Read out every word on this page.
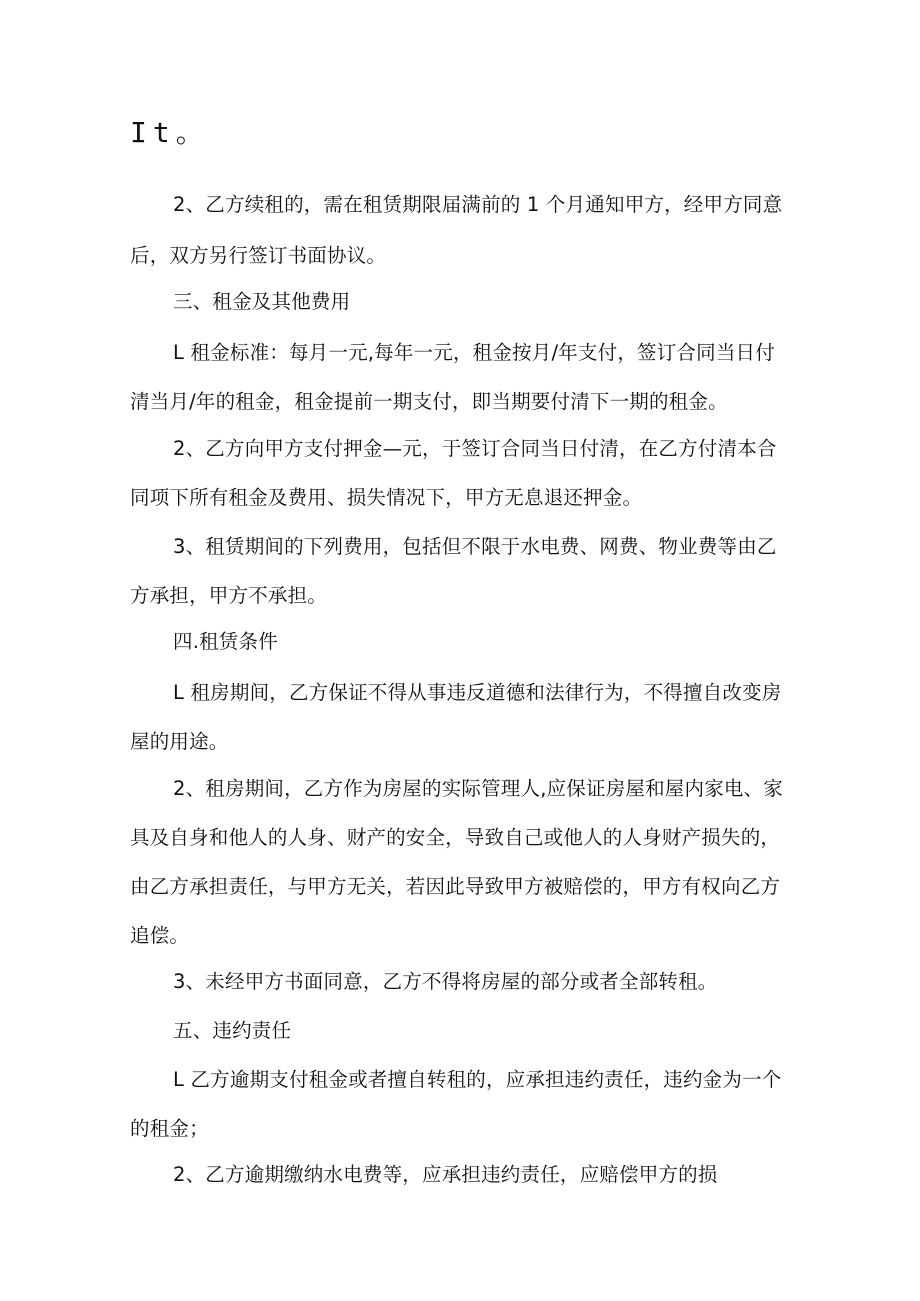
It。
2、乙方续租的，需在租赁期限届满前的 1 个月通知甲方，经甲方同意
后，双方另行签订书面协议。
三、租金及其他费用
L 租金标准：每月一元,每年一元，租金按月/年支付，签订合同当日付
清当月/年的租金，租金提前一期支付，即当期要付清下一期的租金。
2、乙方向甲方支付押金—元，于签订合同当日付清，在乙方付清本合
同项下所有租金及费用、损失情况下，甲方无息退还押金。
3、租赁期间的下列费用，包括但不限于水电费、网费、物业费等由乙
方承担，甲方不承担。
四.租赁条件
L 租房期间，乙方保证不得从事违反道德和法律行为，不得擅自改变房
屋的用途。
2、租房期间，乙方作为房屋的实际管理人,应保证房屋和屋内家电、家
具及自身和他人的人身、财产的安全，导致自己或他人的人身财产损失的，
由乙方承担责任，与甲方无关，若因此导致甲方被赔偿的，甲方有权向乙方
追偿。
3、未经甲方书面同意，乙方不得将房屋的部分或者全部转租。
五、违约责任
L 乙方逾期支付租金或者擅自转租的，应承担违约责任，违约金为一个
的租金；
2、乙方逾期缴纳水电费等，应承担违约责任，应赔偿甲方的损
